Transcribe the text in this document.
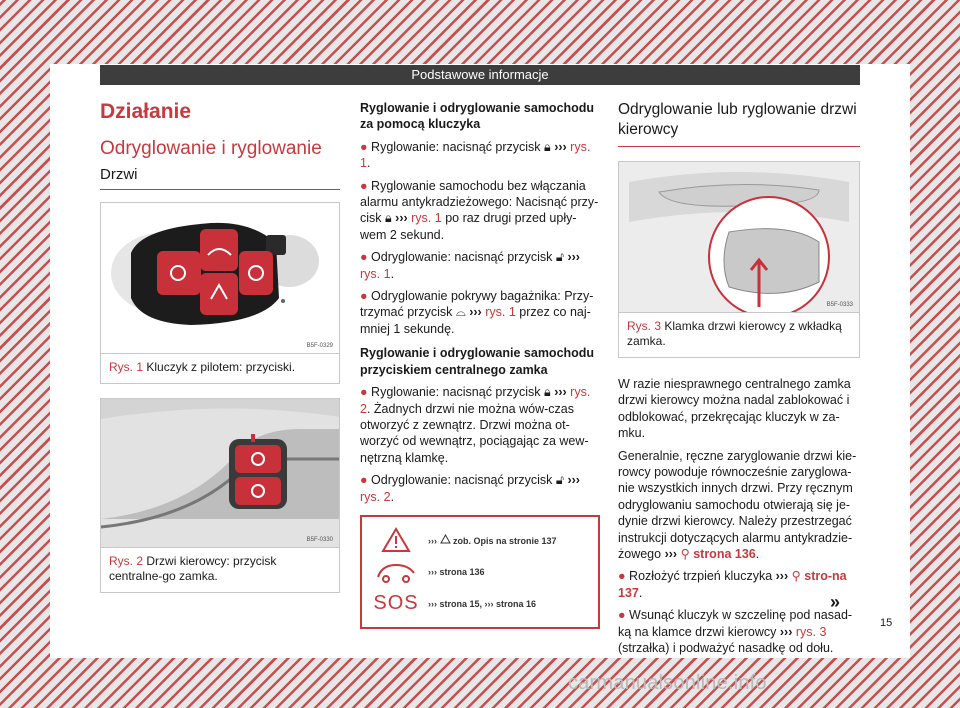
Podstawowe informacje
Działanie
Odryglowanie i ryglowanie
Drzwi
B5F-0329
Rys. 1 Kluczyk z pilotem: przyciski.
B5F-0330
Rys. 2 Drzwi kierowcy: przycisk centralne-go zamka.

Ryglowanie i odryglowanie samochodu za pomocą kluczyka

● Ryglowanie: nacisnąć przycisk 🔒︎ ››› rys. 1.

● Ryglowanie samochodu bez włączania alarmu antykradzieżowego: Nacisnąć przy-cisk 🔒︎ ››› rys. 1 po raz drugi przed upły-wem 2 sekund.

● Odryglowanie: nacisnąć przycisk 🔓︎ ››› rys. 1.

● Odryglowanie pokrywy bagażnika: Przy-trzymać przycisk ⌓ ››› rys. 1 przez co naj-mniej 1 sekundę.

Ryglowanie i odryglowanie samochodu przyciskiem centralnego zamka

● Ryglowanie: nacisnąć przycisk 🔒︎ ››› rys. 2. Żadnych drzwi nie można wów-czas otworzyć z zewnątrz. Drzwi można ot-worzyć od wewnątrz, pociągając za wew-nętrzną klamkę.

● Odryglowanie: nacisnąć przycisk 🔓︎ ››› rys. 2.

›››  zob. Opis na stronie 137
››› strona 136
SOS ››› strona 15, ››› strona 16
Odryglowanie lub ryglowanie drzwi kierowcy
B5F-0333
Rys. 3 Klamka drzwi kierowcy z wkładką zamka.

W razie niesprawnego centralnego zamka drzwi kierowcy można nadal zablokować i odblokować, przekręcając kluczyk w za-mku.

Generalnie, ręczne zaryglowanie drzwi kie-rowcy powoduje równocześnie zaryglowa-nie wszystkich innych drzwi. Przy ręcznym odryglowaniu samochodu otwierają się je-dynie drzwi kierowcy. Należy przestrzegać instrukcji dotyczących alarmu antykradzie-żowego ››› ⚲ strona 136.

● Rozłożyć trzpień kluczyka ››› ⚲ stro-na 137.

● Wsunąć kluczyk w szczelinę pod nasad-ką na klamce drzwi kierowcy ››› rys. 3 (strzałka) i podważyć nasadkę od dołu.

»
15
carmanualsonline.info
